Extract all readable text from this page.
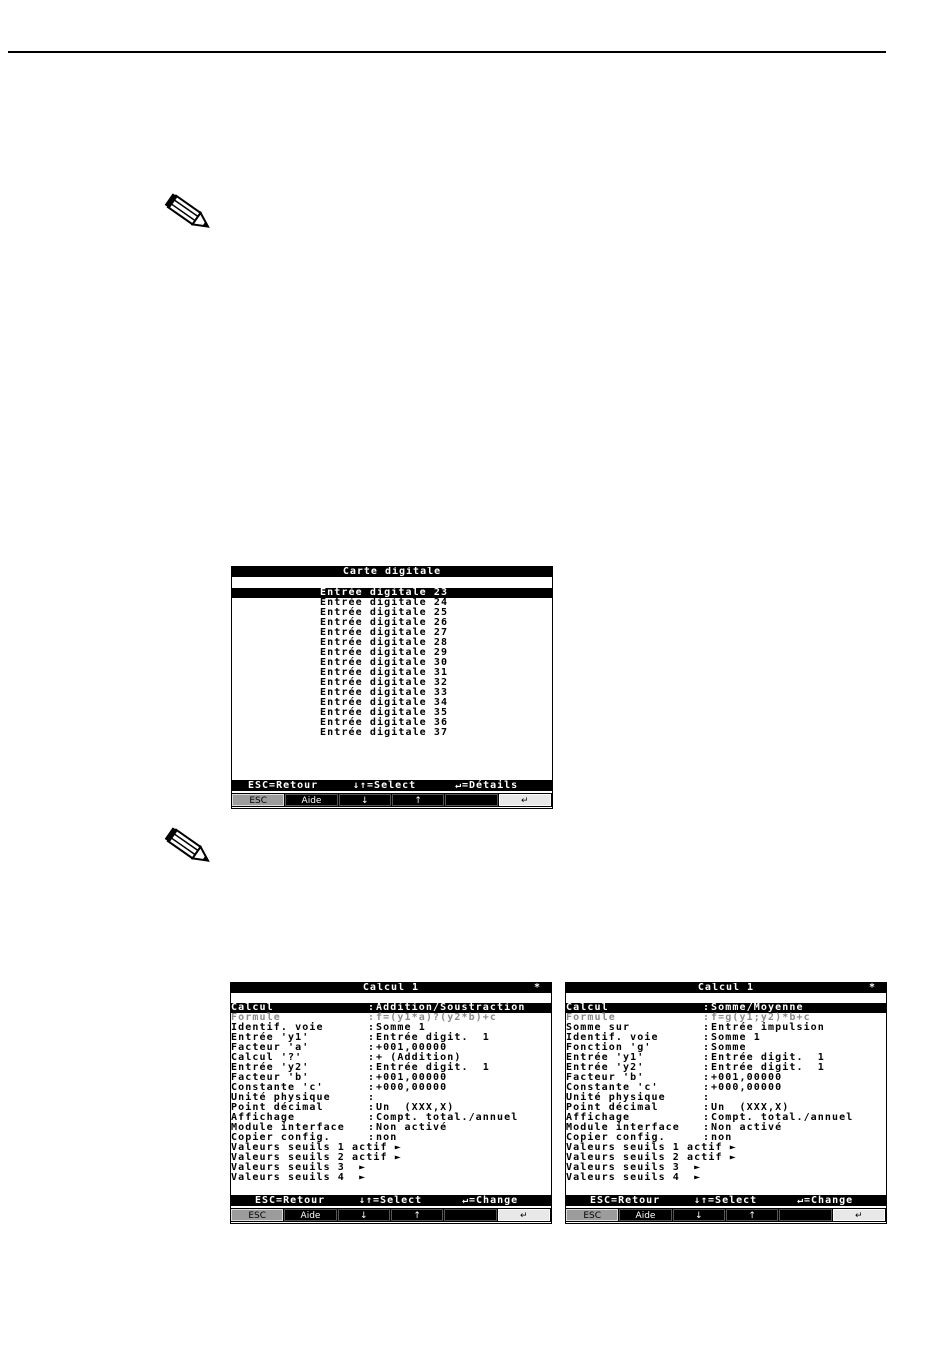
Carte digitale
Entrée digitale 23
Entrée digitale 24
Entrée digitale 25
Entrée digitale 26
Entrée digitale 27
Entrée digitale 28
Entrée digitale 29
Entrée digitale 30
Entrée digitale 31
Entrée digitale 32
Entrée digitale 33
Entrée digitale 34
Entrée digitale 35
Entrée digitale 36
Entrée digitale 37

ESC=Retour

	↓↑=Select

	↵=Détails

ESC	Aide	↓	↑	↵
Calcul 1	*
Calcul	: Addition/Soustraction
Formule	: f=(y1*a)?(y2*b)+c
Identif. voie	: Somme 1
Entrée 'y1'	: Entrée digit.  1
Facteur 'a'	: +001,00000
Calcul '?'	: + (Addition)
Entrée 'y2'	: Entrée digit.  1
Facteur 'b'	: +001,00000
Constante 'c'	: +000,00000
Unité physique	:
Point décimal	: Un  (XXX,X)
Affichage	: Compt. total./annuel
Module interface : Non activé
Copier config.	: non
Valeurs seuils 1 actif ►
Valeurs seuils 2 actif ►
Valeurs seuils 3  ►
Valeurs seuils 4  ►

ESC=Retour

	↓↑=Select

	↵=Change

ESC	Aide	↓	↑	↵
Calcul 1	*
Calcul	: Somme/Moyenne
Formule	: f=g(y1;y2)*b+c
Somme sur	: Entrée impulsion
Identif. voie	: Somme 1
Fonction 'g'	: Somme
Entrée 'y1'	: Entrée digit.  1
Entrée 'y2'	: Entrée digit.  1
Facteur 'b'	: +001,00000
Constante 'c'	: +000,00000
Unité physique	:
Point décimal	: Un  (XXX,X)
Affichage	: Compt. total./annuel
Module interface : Non activé
Copier config.	: non
Valeurs seuils 1 actif ►
Valeurs seuils 2 actif ►
Valeurs seuils 3  ►
Valeurs seuils 4  ►

ESC=Retour

	↓↑=Select

	↵=Change

ESC	Aide	↓	↑	↵
